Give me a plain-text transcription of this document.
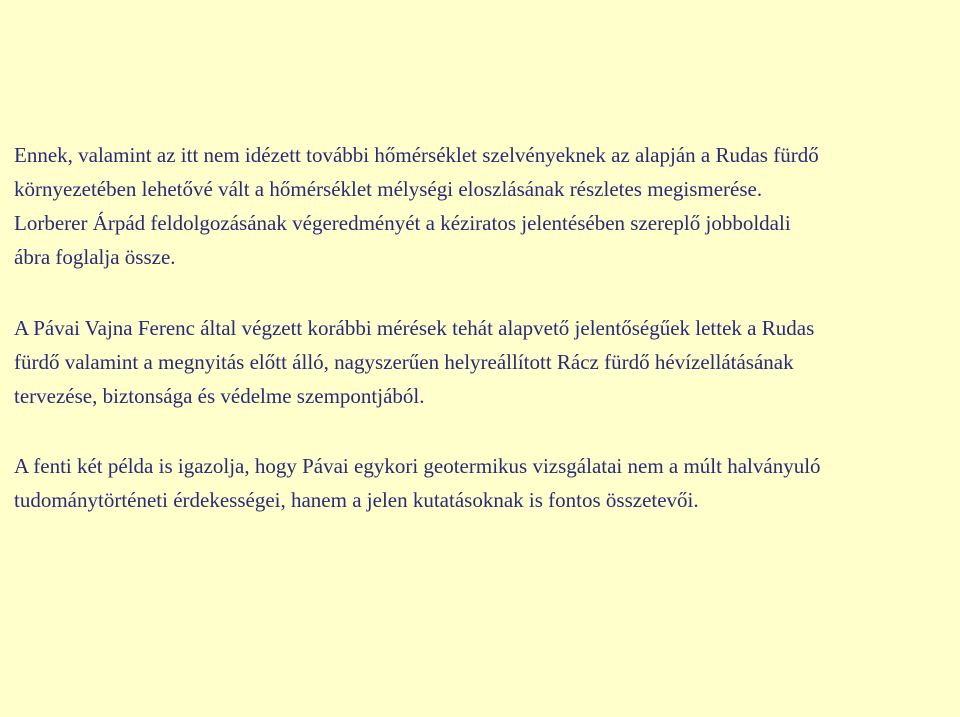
Ennek, valamint az itt nem idézett további hőmérséklet szelvényeknek az alapján a Rudas fürdő
környezetében lehetővé vált a hőmérséklet mélységi eloszlásának részletes megismerése.
Lorberer Árpád feldolgozásának végeredményét a kéziratos jelentésében szereplő jobboldali
ábra foglalja össze.

A Pávai Vajna Ferenc által végzett korábbi mérések tehát alapvető jelentőségűek lettek a Rudas
fürdő valamint a megnyitás előtt álló, nagyszerűen helyreállított Rácz fürdő hévízellátásának
tervezése, biztonsága és védelme szempontjából.

A fenti két példa is igazolja, hogy Pávai egykori geotermikus vizsgálatai nem a múlt halványuló
tudománytörténeti érdekességei, hanem a jelen kutatásoknak is fontos összetevői.
